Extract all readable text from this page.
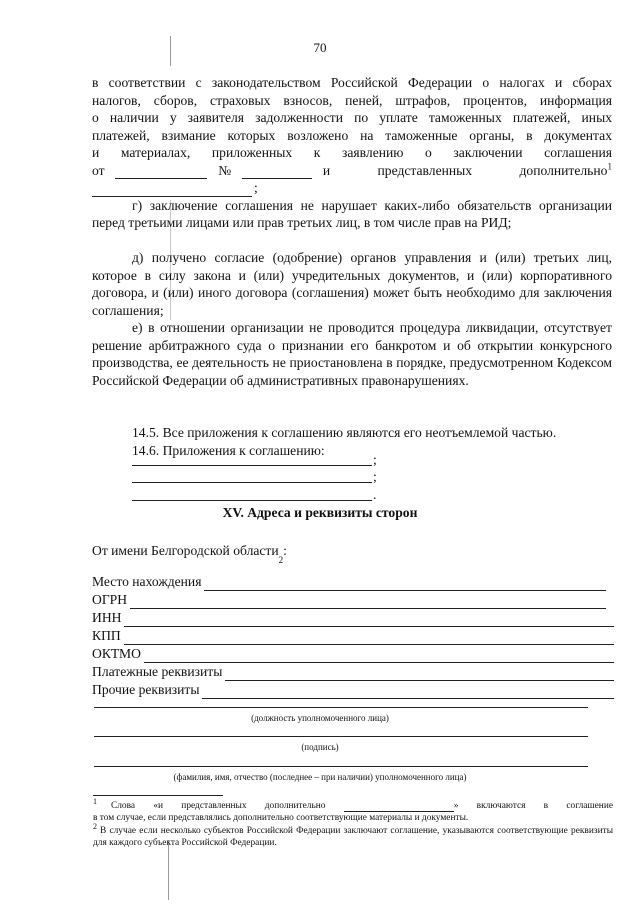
70

в соответствии с законодательством Российской Федерации о налогах и сборах

налогов, сборов, страховых взносов, пеней, штрафов, процентов, информация

о наличии у заявителя задолженности по уплате таможенных платежей, иных

платежей, взимание которых возложено на таможенные органы, в документах

и материалах, приложенных к заявлению о заключении соглашения

от	№	и представленных дополнительно$^1$
;

г) заключение соглашения не нарушает каких-либо обязательств организации перед третьими лицами или прав третьих лиц, в том числе прав на РИД;

д) получено согласие (одобрение) органов управления и (или) третьих лиц, которое в силу закона и (или) учредительных документов, и (или) корпоративного договора, и (или) иного договора (соглашения) может быть необходимо для заключения соглашения;

е) в отношении организации не проводится процедура ликвидации, отсутствует решение арбитражного суда о признании его банкротом и об открытии конкурсного производства, ее деятельность не приостановлена в порядке, предусмотренном Кодексом Российской Федерации об административных правонарушениях.

14.5. Все приложения к соглашению являются его неотъемлемой частью.

14.6. Приложения к соглашению:

;
;
.
XV. Адреса и реквизиты сторон
От имени Белгородской области
2
:
Место нахождения
ОГРН
ИНН
КПП
ОКТМО
Платежные реквизиты
Прочие реквизиты
(должность уполномоченного лица)
(подпись)
(фамилия, имя, отчество (последнее – при наличии) уполномоченного лица)

1 Слова «и представленных дополнительно	» включаются в соглашение

в том случае, если представлялись дополнительно соответствующие материалы и документы.

2 В случае если несколько субъектов Российской Федерации заключают соглашение, указываются соответствующие реквизиты для каждого субъекта Российской Федерации.
